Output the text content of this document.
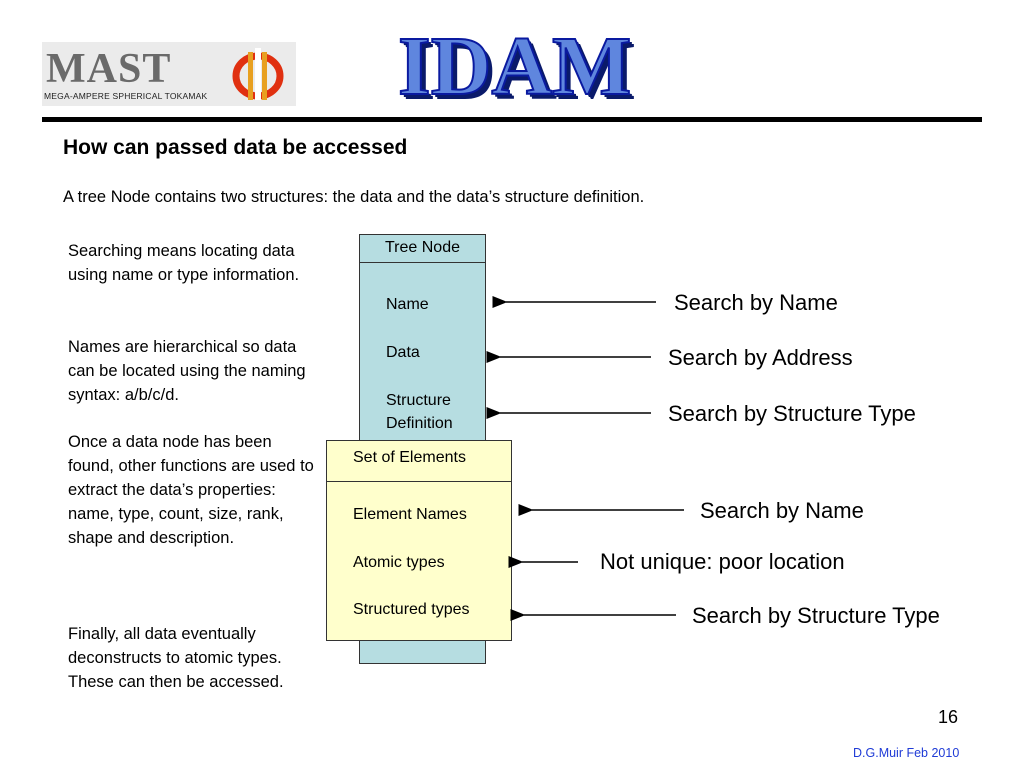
MAST
MEGA-AMPERE SPHERICAL TOKAMAK IDAM
How can passed data be accessed
A tree Node contains two structures: the data and the data’s structure definition.
Searching means locating data using name or type information.
Names are hierarchical so data can be located using the naming syntax: a/b/c/d.
Once a data node has been found, other functions are used to extract the data’s properties: name, type, count, size, rank, shape and description.
Finally, all data eventually deconstructs to atomic types. These can then be accessed.
Tree Node
Name
Data
Structure Definition
Set of Elements
Element Names
Atomic types
Structured types
Search by Name
Search by Address
Search by Structure Type
Search by Name
Not unique: poor location
Search by Structure Type
16
D.G.Muir Feb 2010
